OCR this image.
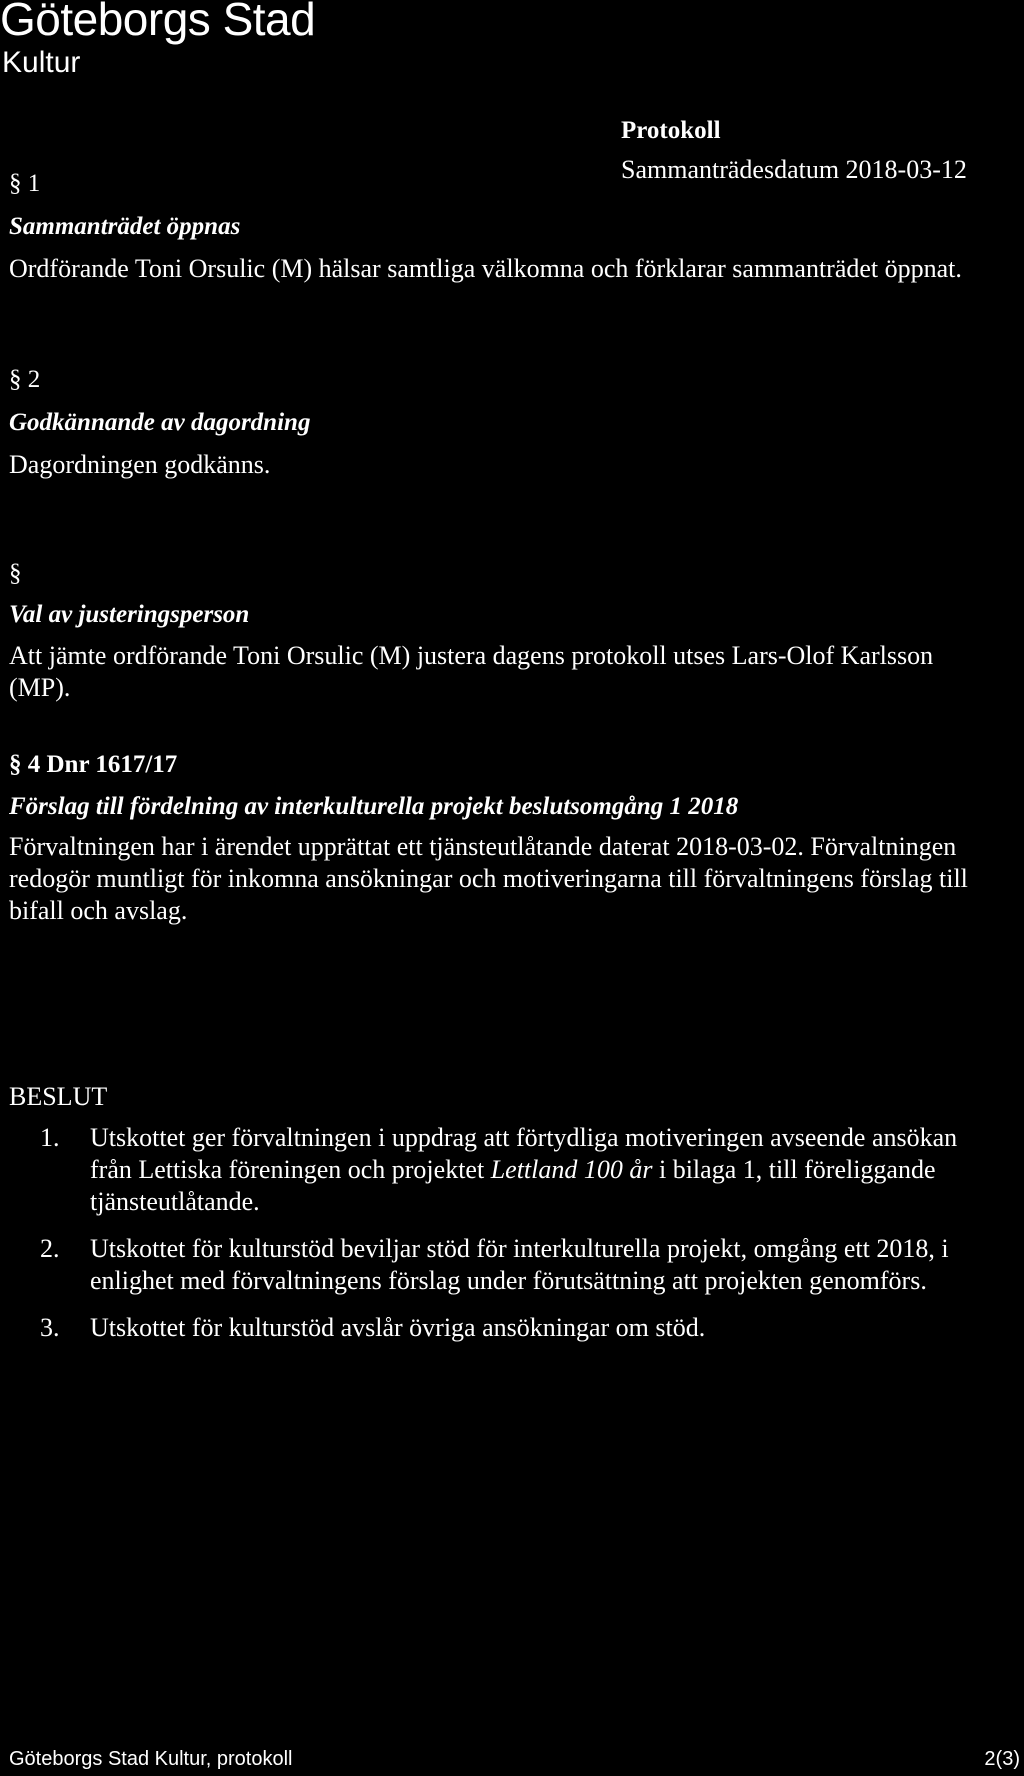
Göteborgs Stad
Kultur
Protokoll
Sammanträdesdatum 2018-03-12
§ 1
Sammanträdet öppnas
Ordförande Toni Orsulic (M) hälsar samtliga välkomna och förklarar sammanträdet öppnat.
§ 2
Godkännande av dagordning
Dagordningen godkänns.
§
Val av justeringsperson
Att jämte ordförande Toni Orsulic (M) justera dagens protokoll utses Lars-Olof Karlsson (MP).
§ 4 Dnr 1617/17
Förslag till fördelning av interkulturella projekt beslutsomgång 1 2018
Förvaltningen har i ärendet upprättat ett tjänsteutlåtande daterat 2018-03-02. Förvaltningen redogör muntligt för inkomna ansökningar och motiveringarna till förvaltningens förslag till bifall och avslag.
BESLUT
1.	Utskottet ger förvaltningen i uppdrag att förtydliga motiveringen avseende ansökan från Lettiska föreningen och projektet Lettland 100 år i bilaga 1, till föreliggande tjänsteutlåtande.
2.	Utskottet för kulturstöd beviljar stöd för interkulturella projekt, omgång ett 2018, i enlighet med förvaltningens förslag under förutsättning att projekten genomförs.
3.	Utskottet för kulturstöd avslår övriga ansökningar om stöd.
Göteborgs Stad Kultur, protokoll	2(3)
